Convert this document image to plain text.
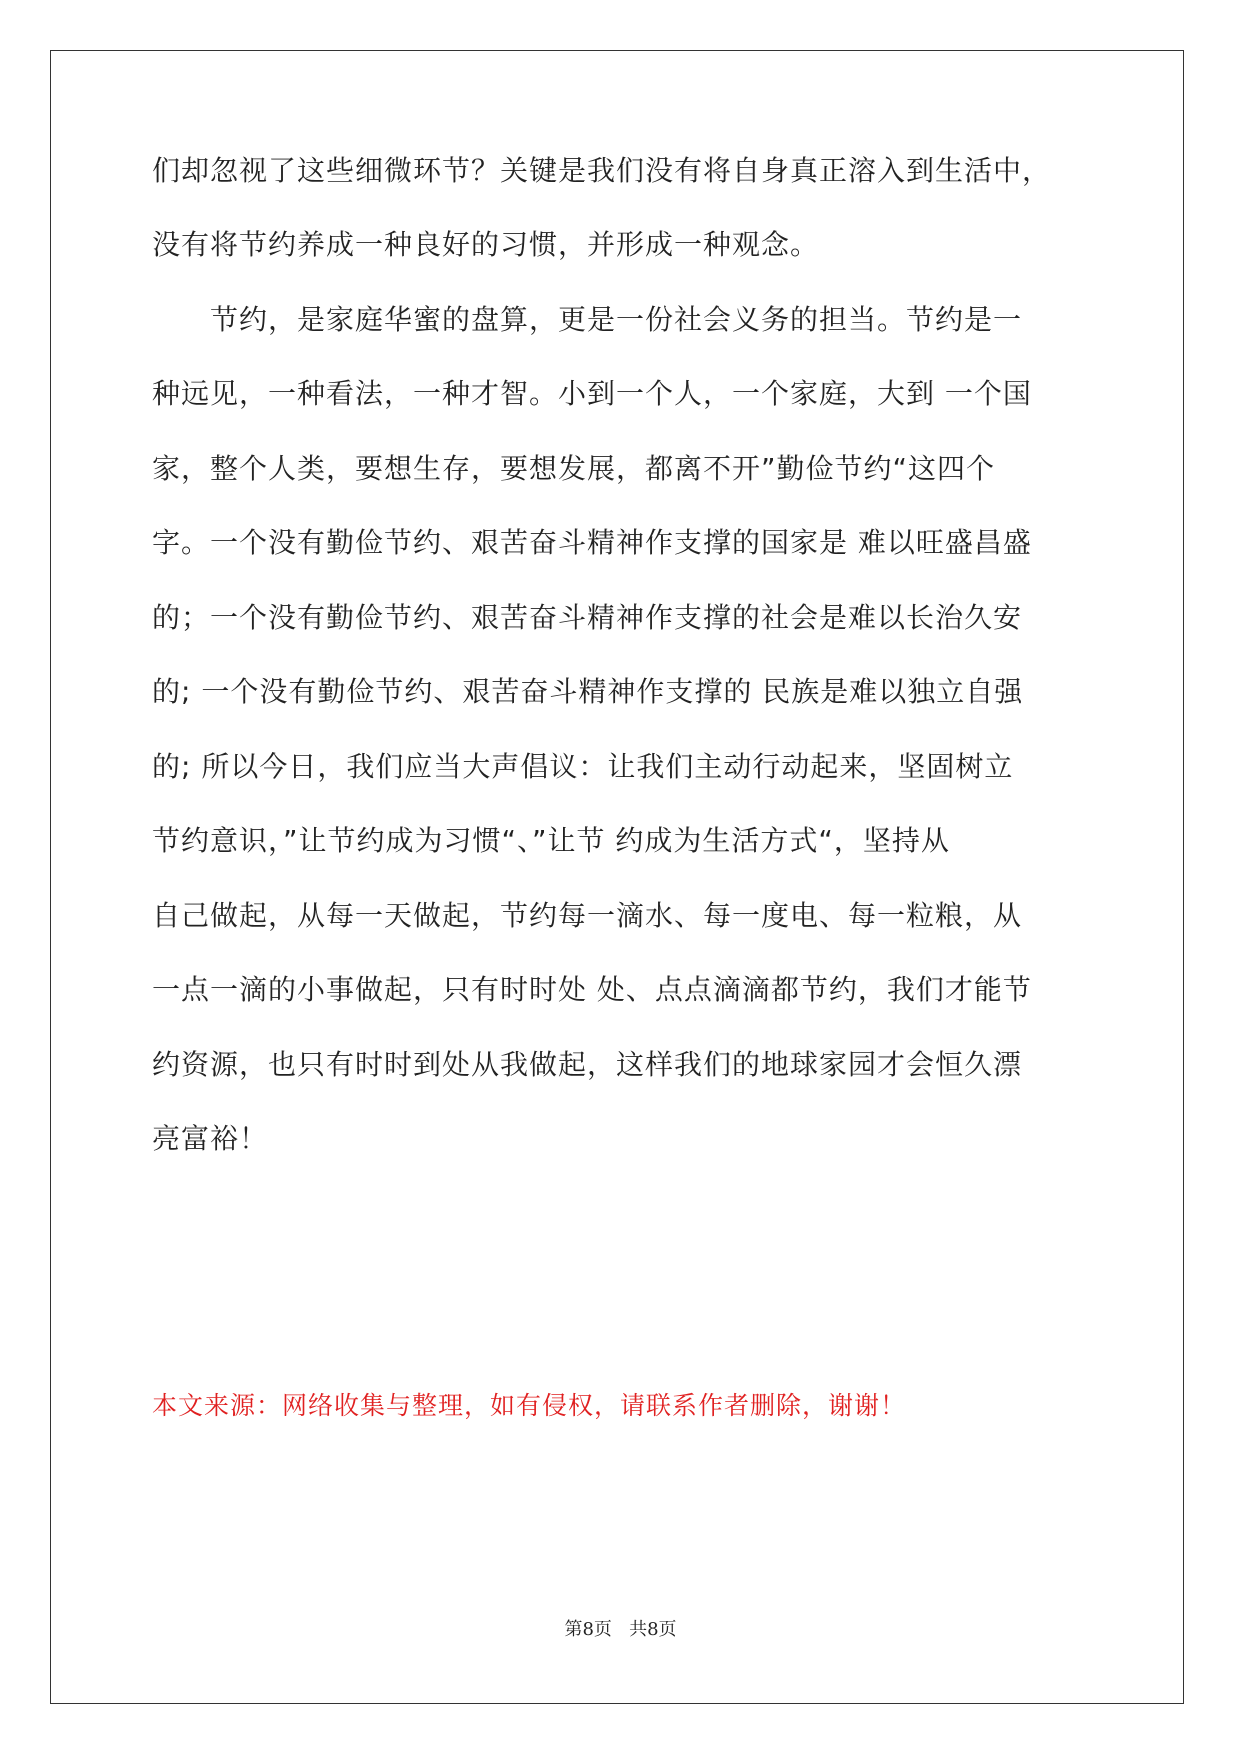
们却忽视了这些细微环节？关键是我们没有将自身真正溶入到生活中，
没有将节约养成一种良好的习惯，并形成一种观念。
　　节约，是家庭华蜜的盘算，更是一份社会义务的担当。节约是一
种远见，一种看法，一种才智。小到一个人，一个家庭，大到 一个国
家，整个人类，要想生存，要想发展，都离不开”勤俭节约“这四个
字。一个没有勤俭节约、艰苦奋斗精神作支撑的国家是 难以旺盛昌盛
的；一个没有勤俭节约、艰苦奋斗精神作支撑的社会是难以长治久安
的; 一个没有勤俭节约、艰苦奋斗精神作支撑的 民族是难以独立自强
的; 所以今日，我们应当大声倡议：让我们主动行动起来，坚固树立
节约意识，”让节约成为习惯“、”让节 约成为生活方式“，坚持从
自己做起，从每一天做起，节约每一滴水、每一度电、每一粒粮，从
一点一滴的小事做起，只有时时处 处、点点滴滴都节约，我们才能节
约资源，也只有时时到处从我做起，这样我们的地球家园才会恒久漂
亮富裕！
本文来源：网络收集与整理，如有侵权，请联系作者删除，谢谢！
第8页 共8页
